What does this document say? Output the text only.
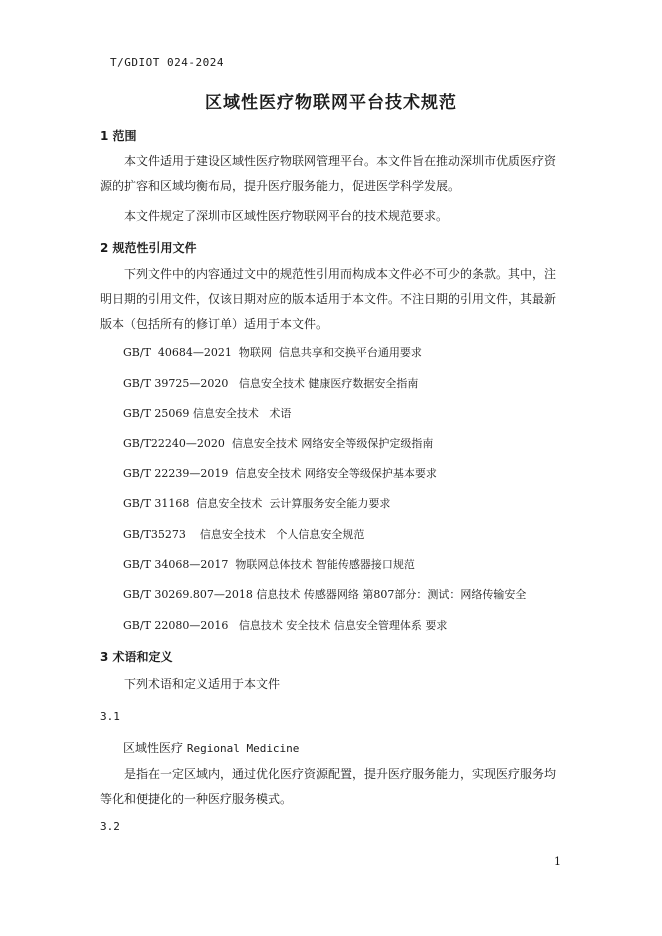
T/GDIOT 024-2024
区域性医疗物联网平台技术规范
1 范围

本文件适用于建设区域性医疗物联网管理平台。本文件旨在推动深圳市优质医疗资源的扩容和区域均衡布局，提升医疗服务能力，促进医学科学发展。

本文件规定了深圳市区域性医疗物联网平台的技术规范要求。

2 规范性引用文件

下列文件中的内容通过文中的规范性引用而构成本文件必不可少的条款。其中，注明日期的引用文件，仅该日期对应的版本适用于本文件。不注日期的引用文件，其最新版本（包括所有的修订单）适用于本文件。

GB/T  40684—2021  物联网  信息共享和交换平台通用要求
GB/T 39725—2020   信息安全技术 健康医疗数据安全指南
GB/T 25069 信息安全技术   术语
GB/T22240—2020  信息安全技术 网络安全等级保护定级指南
GB/T 22239—2019  信息安全技术 网络安全等级保护基本要求
GB/T 31168  信息安全技术  云计算服务安全能力要求
GB/T35273    信息安全技术   个人信息安全规范
GB/T 34068—2017  物联网总体技术 智能传感器接口规范
GB/T 30269.807—2018 信息技术 传感器网络 第807部分：测试：网络传输安全
GB/T 22080—2016   信息技术 安全技术 信息安全管理体系 要求
3 术语和定义

下列术语和定义适用于本文件

3.1
区域性医疗 Regional Medicine

是指在一定区域内，通过优化医疗资源配置，提升医疗服务能力，实现医疗服务均等化和便捷化的一种医疗服务模式。

3.2
1
